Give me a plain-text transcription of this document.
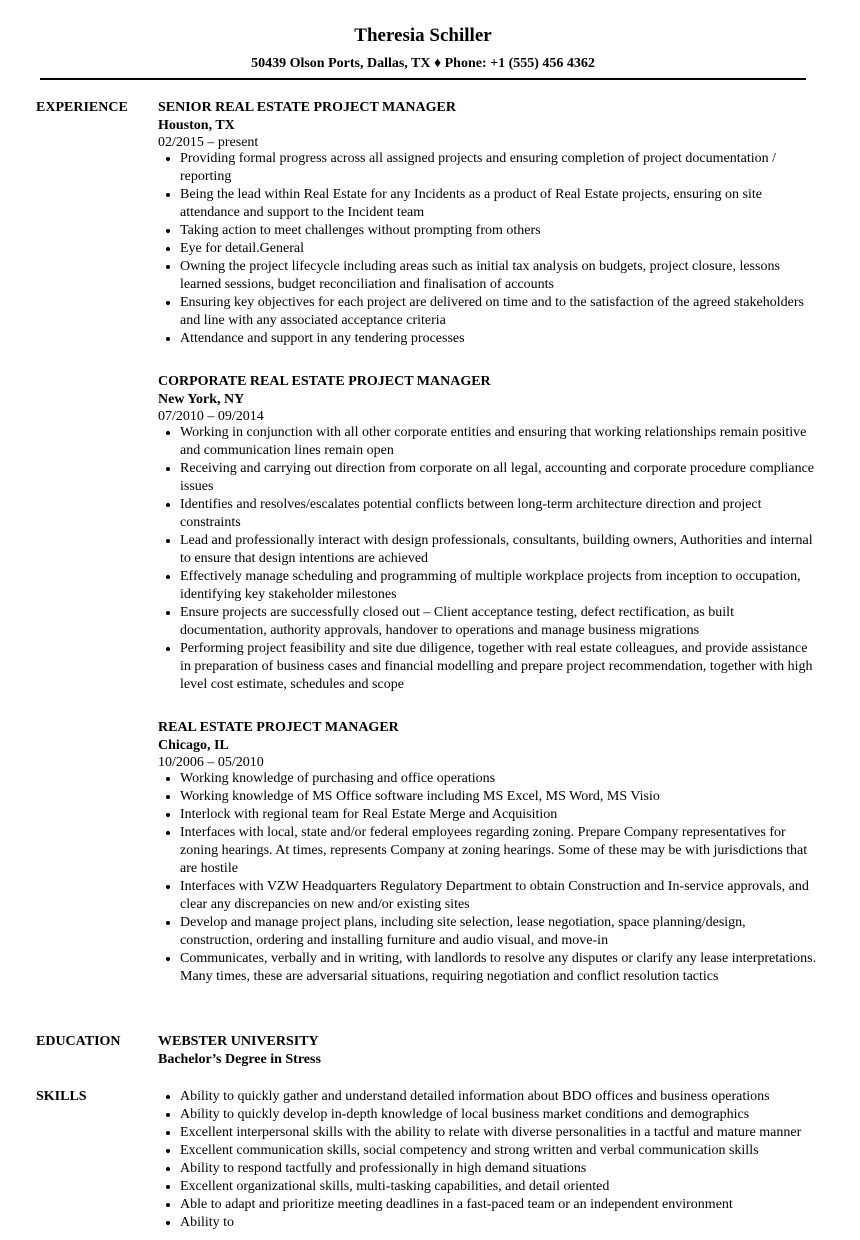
Theresia Schiller
50439 Olson Ports, Dallas, TX ♦ Phone: +1 (555) 456 4362
EXPERIENCE SENIOR REAL ESTATE PROJECT MANAGER
Houston, TX
02/2015 – present
• Providing formal progress across all assigned projects and ensuring completion of project documentation / reporting
• Being the lead within Real Estate for any Incidents as a product of Real Estate projects, ensuring on site attendance and support to the Incident team
• Taking action to meet challenges without prompting from others
• Eye for detail.General
• Owning the project lifecycle including areas such as initial tax analysis on budgets, project closure, lessons learned sessions, budget reconciliation and finalisation of accounts
• Ensuring key objectives for each project are delivered on time and to the satisfaction of the agreed stakeholders and line with any associated acceptance criteria
• Attendance and support in any tendering processes
CORPORATE REAL ESTATE PROJECT MANAGER
New York, NY
07/2010 – 09/2014
• Working in conjunction with all other corporate entities and ensuring that working relationships remain positive and communication lines remain open
• Receiving and carrying out direction from corporate on all legal, accounting and corporate procedure compliance issues
• Identifies and resolves/escalates potential conflicts between long-term architecture direction and project constraints
• Lead and professionally interact with design professionals, consultants, building owners, Authorities and internal to ensure that design intentions are achieved
• Effectively manage scheduling and programming of multiple workplace projects from inception to occupation, identifying key stakeholder milestones
• Ensure projects are successfully closed out – Client acceptance testing, defect rectification, as built documentation, authority approvals, handover to operations and manage business migrations
• Performing project feasibility and site due diligence, together with real estate colleagues, and provide assistance in preparation of business cases and financial modelling and prepare project recommendation, together with high level cost estimate, schedules and scope
REAL ESTATE PROJECT MANAGER
Chicago, IL
10/2006 – 05/2010
• Working knowledge of purchasing and office operations
• Working knowledge of MS Office software including MS Excel, MS Word, MS Visio
• Interlock with regional team for Real Estate Merge and Acquisition
• Interfaces with local, state and/or federal employees regarding zoning. Prepare Company representatives for zoning hearings. At times, represents Company at zoning hearings. Some of these may be with jurisdictions that are hostile
• Interfaces with VZW Headquarters Regulatory Department to obtain Construction and In-service approvals, and clear any discrepancies on new and/or existing sites
• Develop and manage project plans, including site selection, lease negotiation, space planning/design, construction, ordering and installing furniture and audio visual, and move-in
• Communicates, verbally and in writing, with landlords to resolve any disputes or clarify any lease interpretations. Many times, these are adversarial situations, requiring negotiation and conflict resolution tactics
EDUCATION	WEBSTER UNIVERSITY
Bachelor’s Degree in Stress
SKILLS
•	Ability to quickly gather and understand detailed information about BDO offices and business operations
• Ability to quickly develop in-depth knowledge of local business market conditions and demographics
• Excellent interpersonal skills with the ability to relate with diverse personalities in a tactful and mature manner
• Excellent communication skills, social competency and strong written and verbal communication skills
• Ability to respond tactfully and professionally in high demand situations
• Excellent organizational skills, multi-tasking capabilities, and detail oriented
• Able to adapt and prioritize meeting deadlines in a fast-paced team or an independent environment
• Ability to
